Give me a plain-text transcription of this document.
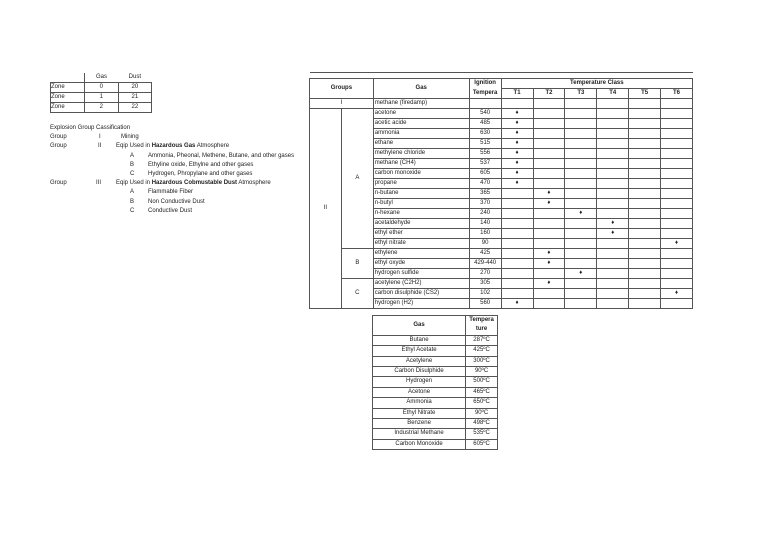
	Gas	Dust
Zone	0	20
Zone	1	21
Zone	2	22
Explosion Group Cassification
Group	I	Mining
Group	II Eqip Used in Hazardous Gas Atmosphere
A Ammonia, Pheonal, Methene, Butane, and other gases
B Ethyline oxide, Ethylne and other gases
C Hydrogen, Phropylane and other gases
Group	III Eqip Used in Hazardous Cobmustable Dust Atmosphere
A Flammable Fiber
B Non Conductive Dust
C Conductive Dust

Groups		Gas	Ignition	Temperature Class					
			Tempera	T1	T2	T3	T4	T5	T6
I		methane (firedamp)							
II	A	acetone	540	♦					
		acetic acide	485	♦					
		ammonia	630	♦					
		ethane	515	♦					
		methylene chloride	556	♦					
		methane (CH4)	537	♦					
		carbon monoxide	605	♦					
		propane	470	♦					
		n-butane	365		♦				
		n-butyl	370		♦				
		n-hexane	240			♦			
		acetaldehyde	140				♦		
		ethyl ether	160				♦		
		ethyl nitrate	90						♦
	B	ethylene	425		♦				
		ethyl oxyde	429-440		♦				
		hydrogen sulfide	270			♦			
	C	acetylene (C2H2)	305		♦				
		carbon disulphide (CS2)	102						♦
		hydrogen (H2)	560	♦					
Gas	Tempera
	ture
Butane	287ºC
Ethyl Acetate	425ºC
Acetylene	300ºC
Carbon Disulphide	90ºC
Hydrogen	500ºC
Acetone	465ºC
Ammonia	650ºC
Ethyl Nitrate	90ºC
Benzene	498ºC
Industrial Methane	535ºC
Carbon Monoxide	605ºC
